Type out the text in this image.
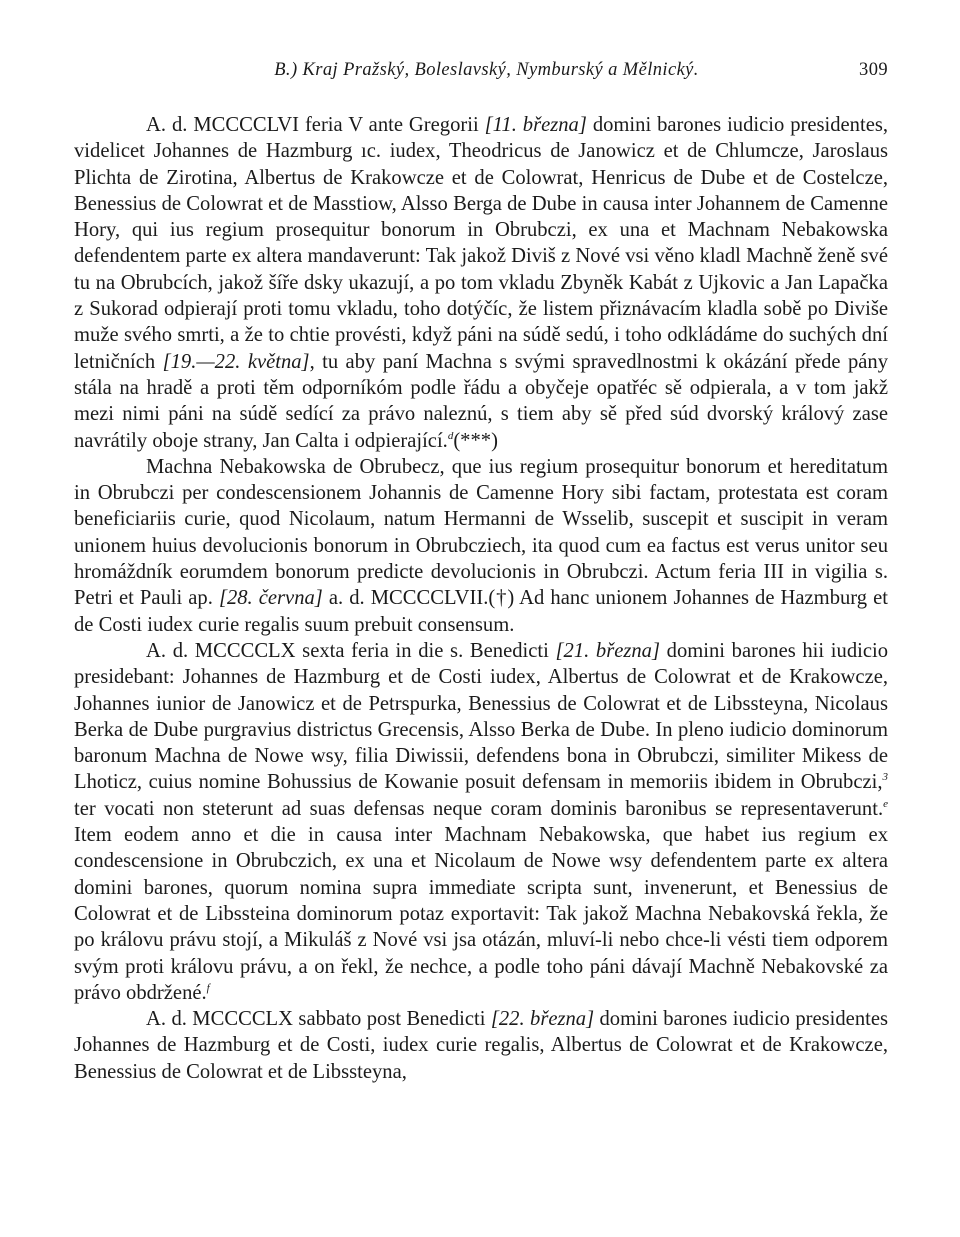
B.) Kraj Pražský, Boleslavský, Nymburský a Mělnický.	309

A. d. MCCCCLVI feria V ante Gregorii [11. března] domini barones iudicio presidentes, videlicet Johannes de Hazmburg ıc. iudex, Theodricus de Janowicz et de Chlumcze, Jaroslaus Plichta de Zirotina, Albertus de Krakowcze et de Colowrat, Henricus de Dube et de Costelcze, Benessius de Colowrat et de Masstiow, Alsso Berga de Dube in causa inter Johannem de Camenne Hory, qui ius regium prosequitur bonorum in Obrubczi, ex una et Machnam Nebakowska defendentem parte ex altera mandaverunt: Tak jakož Diviš z Nové vsi věno kladl Machně ženě své tu na Obrubcích, jakož šíře dsky ukazují, a po tom vkladu Zbyněk Kabát z Ujkovic a Jan Lapačka z Sukorad odpierají proti tomu vkladu, toho dotýčíc, že listem přiznávacím kladla sobě po Diviše muže svého smrti, a že to chtie provésti, když páni na súdě sedú, i toho odkládáme do suchých dní letničních [19.—22. května], tu aby paní Machna s svými spravedlnostmi k okázání přede pány stála na hradě a proti těm odporníkóm podle řádu a obyčeje opatřéc sě odpierala, a v tom jakž mezi nimi páni na súdě sedící za právo naleznú, s tiem aby sě před súd dvorský králový zase navrátily oboje strany, Jan Calta i odpierající.$^d$(***)

Machna Nebakowska de Obrubecz, que ius regium prosequitur bonorum et hereditatum in Obrubczi per condescensionem Johannis de Camenne Hory sibi factam, protestata est coram beneficiariis curie, quod Nicolaum, natum Hermanni de Wsselib, suscepit et suscipit in veram unionem huius devolucionis bonorum in Obrubcziech, ita quod cum ea factus est verus unitor seu hromáždník eorumdem bonorum predicte devolucionis in Obrubczi. Actum feria III in vigilia s. Petri et Pauli ap. [28. června] a. d. MCCCCLVII.(†) Ad hanc unionem Johannes de Hazmburg et de Costi iudex curie regalis suum prebuit consensum.

A. d. MCCCCLX sexta feria in die s. Benedicti [21. března] domini barones hii iudicio presidebant: Johannes de Hazmburg et de Costi iudex, Albertus de Colowrat et de Krakowcze, Johannes iunior de Janowicz et de Petrspurka, Benessius de Colowrat et de Libssteyna, Nicolaus Berka de Dube purgravius districtus Grecensis, Alsso Berka de Dube. In pleno iudicio dominorum baronum Machna de Nowe wsy, filia Diwissii, defendens bona in Obrubczi, similiter Mikess de Lhoticz, cuius nomine Bohussius de Kowanie posuit defensam in memoriis ibidem in Obrubczi,$^3$ ter vocati non steterunt ad suas defensas neque coram dominis baronibus se representaverunt.$^e$ Item eodem anno et die in causa inter Machnam Nebakowska, que habet ius regium ex condescensione in Obrubczich, ex una et Nicolaum de Nowe wsy defendentem parte ex altera domini barones, quorum nomina supra immediate scripta sunt, invenerunt, et Benessius de Colowrat et de Libssteina dominorum potaz exportavit: Tak jakož Machna Nebakovská řekla, že po královu právu stojí, a Mikuláš z Nové vsi jsa otázán, mluví-li nebo chce-li vésti tiem odporem svým proti královu právu, a on řekl, že nechce, a podle toho páni dávají Machně Nebakovské za právo obdržené.$^f$

A. d. MCCCCLX sabbato post Benedicti [22. března] domini barones iudicio presidentes Johannes de Hazmburg et de Costi, iudex curie regalis, Albertus de Colowrat et de Krakowcze, Benessius de Colowrat et de Libssteyna,
